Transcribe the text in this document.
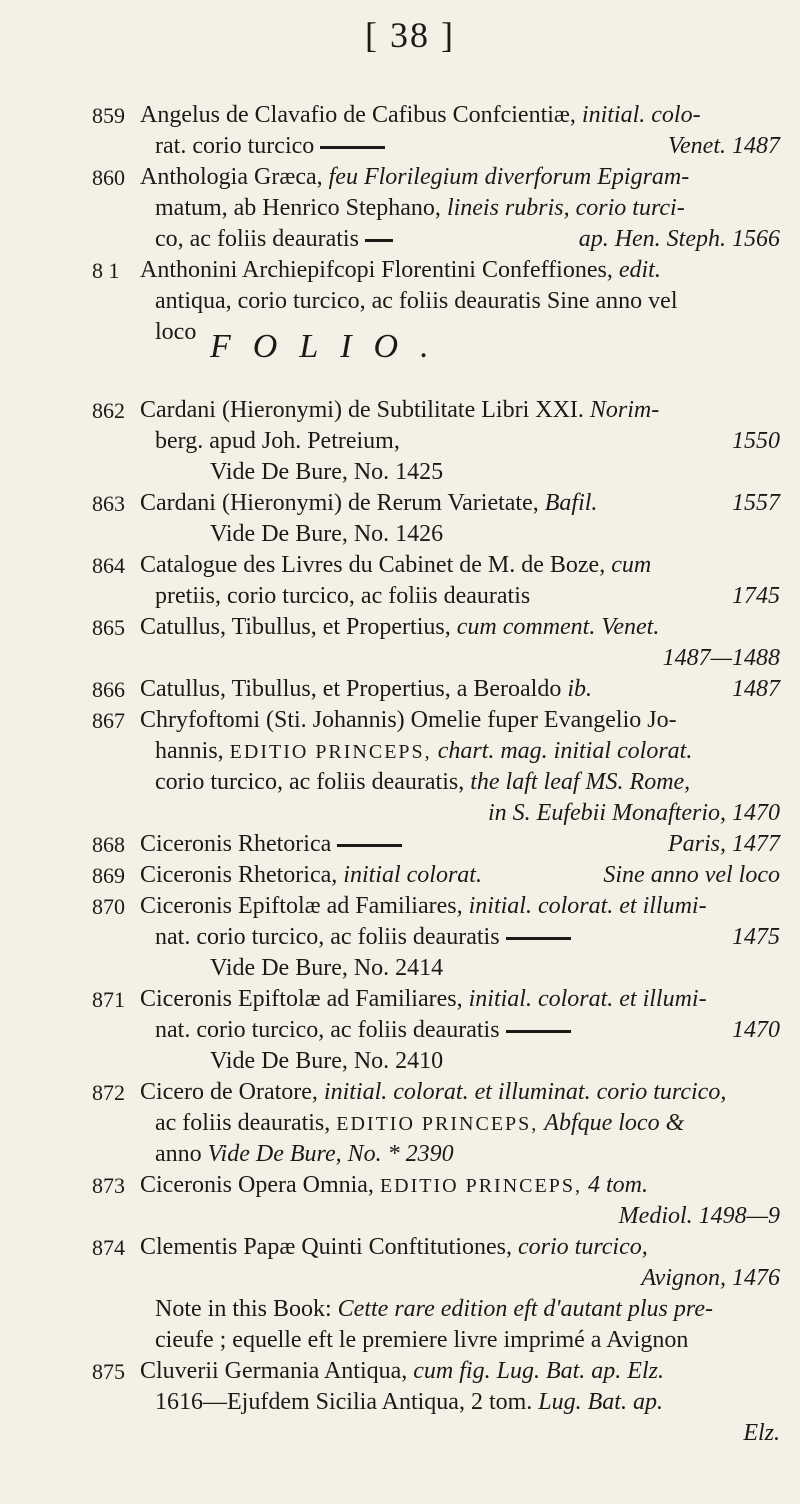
[ 38 ]
859 Angelus de Clavafio de Cafibus Confcientiæ, initial. colo-
rat. corio turcico	Venet. 1487
860 Anthologia Græca, feu Florilegium diverforum Epigram-
matum, ab Henrico Stephano, lineis rubris, corio turci-
co, ac foliis deauratis	ap. Hen. Steph. 1566
8 1 Anthonini Archiepifcopi Florentini Confeffiones, edit.
antiqua, corio turcico, ac foliis deauratis Sine anno vel
loco FOLIO.
862 Cardani (Hieronymi) de Subtilitate Libri XXI. Norim-
berg. apud Joh. Petreium,	1550
Vide De Bure, No. 1425
863 Cardani (Hieronymi) de Rerum Varietate, Bafil.	1557
Vide De Bure, No. 1426
864 Catalogue des Livres du Cabinet de M. de Boze, cum
pretiis, corio turcico, ac foliis deauratis	1745
865 Catullus, Tibullus, et Propertius, cum comment. Venet.
1487—1488
866 Catullus, Tibullus, et Propertius, a Beroaldo ib.	1487
867 Chryfoftomi (Sti. Johannis) Omelie fuper Evangelio Jo-
hannis, EDITIO PRINCEPS, chart. mag. initial colorat.
corio turcico, ac foliis deauratis, the laft leaf MS. Rome,
in S. Eufebii Monafterio, 1470
868 Ciceronis Rhetorica	Paris, 1477
869 Ciceronis Rhetorica, initial colorat.	Sine anno vel loco
870 Ciceronis Epiftolæ ad Familiares, initial. colorat. et illumi-
nat. corio turcico, ac foliis deauratis	1475
Vide De Bure, No. 2414
871 Ciceronis Epiftolæ ad Familiares, initial. colorat. et illumi-
nat. corio turcico, ac foliis deauratis	1470
Vide De Bure, No. 2410
872 Cicero de Oratore, initial. colorat. et illuminat. corio turcico,
ac foliis deauratis, EDITIO PRINCEPS, Abfque loco &
anno Vide De Bure, No. * 2390
873 Ciceronis Opera Omnia, EDITIO PRINCEPS, 4 tom.
Mediol. 1498—9
874 Clementis Papæ Quinti Conftitutiones, corio turcico,
Avignon, 1476
Note in this Book: Cette rare edition eft d'autant plus pre-
cieufe ; equelle eft le premiere livre imprimé a Avignon
875 Cluverii Germania Antiqua, cum fig. Lug. Bat. ap. Elz.
1616—Ejufdem Sicilia Antiqua, 2 tom. Lug. Bat. ap.
Elz.
